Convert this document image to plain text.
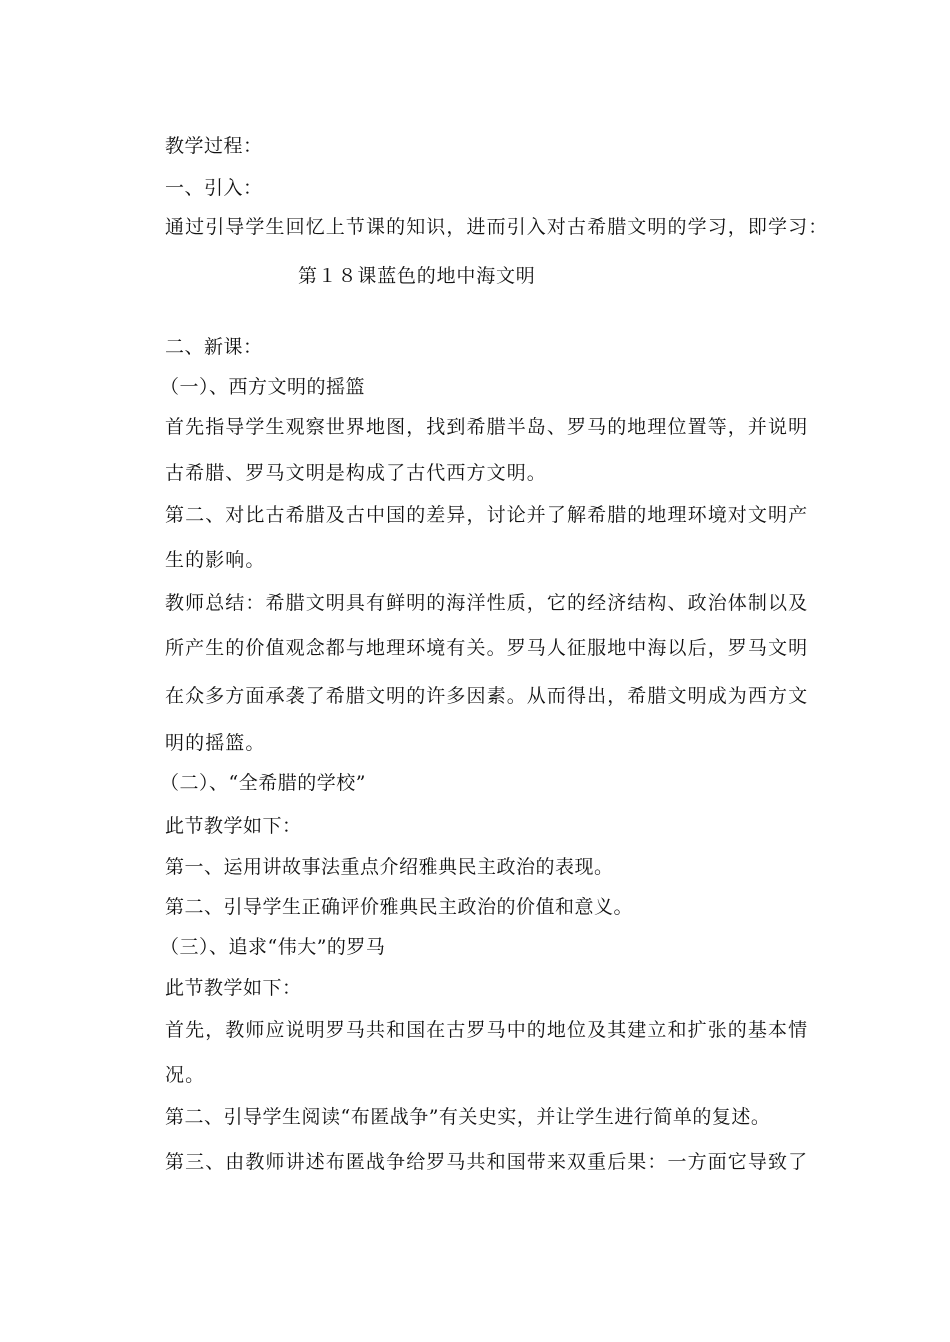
教学过程：

一、引入：

通过引导学生回忆上节课的知识，进而引入对古希腊文明的学习，即学习：

第１８课蓝色的地中海文明

二、新课：

（一）、西方文明的摇篮

首先指导学生观察世界地图，找到希腊半岛、罗马的地理位置等，并说明

古希腊、罗马文明是构成了古代西方文明。

第二、对比古希腊及古中国的差异，讨论并了解希腊的地理环境对文明产

生的影响。

教师总结：希腊文明具有鲜明的海洋性质，它的经济结构、政治体制以及

所产生的价值观念都与地理环境有关。罗马人征服地中海以后，罗马文明

在众多方面承袭了希腊文明的许多因素。从而得出，希腊文明成为西方文

明的摇篮。

（二）、“全希腊的学校”

此节教学如下：

第一、运用讲故事法重点介绍雅典民主政治的表现。

第二、引导学生正确评价雅典民主政治的价值和意义。

（三）、追求“伟大”的罗马

此节教学如下：

首先，教师应说明罗马共和国在古罗马中的地位及其建立和扩张的基本情

况。

第二、引导学生阅读“布匿战争”有关史实，并让学生进行简单的复述。

第三、由教师讲述布匿战争给罗马共和国带来双重后果：一方面它导致了
